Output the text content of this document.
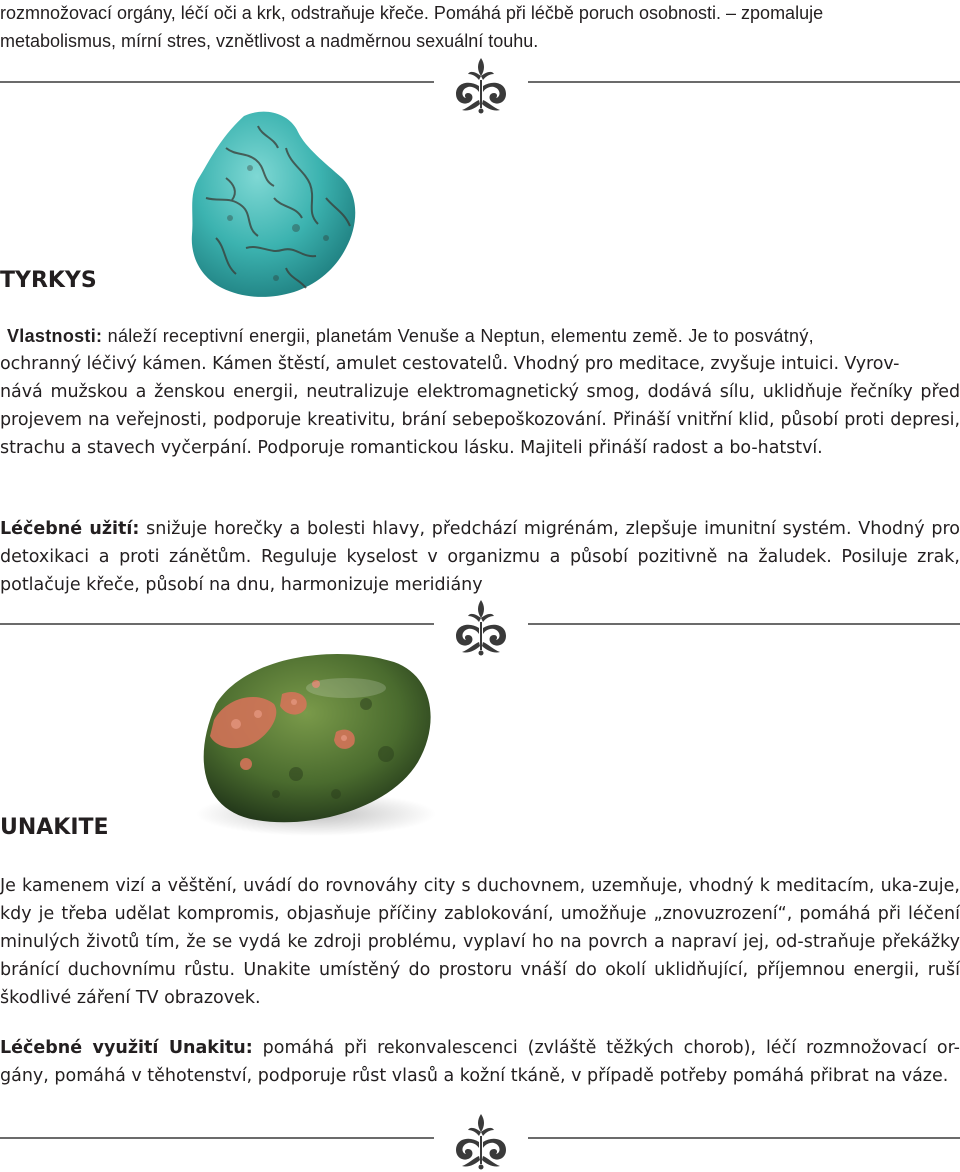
rozmnožovací orgány, léčí oči a krk, odstraňuje křeče. Pomáhá při léčbě poruch osobnosti. – zpomaluje

metabolismus, mírní stres, vznětlivost a nadměrnou sexuální touhu.

TYRKYS
Vlastnosti: náleží receptivní energii, planetám Venuše a Neptun, elementu země. Je to posvátný,
ochranný léčivý kámen. Kámen štěstí, amulet cestovatelů. Vhodný pro meditace, zvyšuje intuici. Vyrov-

nává mužskou a ženskou energii, neutralizuje elektromagnetický smog, dodává sílu, uklidňuje řečníky před projevem na veřejnosti, podporuje kreativitu, brání sebepoškozování. Přináší vnitřní klid, působí proti depresi, strachu a stavech vyčerpání. Podporuje romantickou lásku. Majiteli přináší radost a bo-hatství.

Léčebné užití: snižuje horečky a bolesti hlavy, předchází migrénám, zlepšuje imunitní systém. Vhodný pro detoxikaci a proti zánětům. Reguluje kyselost v organizmu a působí pozitivně na žaludek. Posiluje zrak, potlačuje křeče, působí na dnu, harmonizuje meridiány

UNAKITE

Je kamenem vizí a věštění, uvádí do rovnováhy city s duchovnem, uzemňuje, vhodný k meditacím, uka-zuje, kdy je třeba udělat kompromis, objasňuje příčiny zablokování, umožňuje „znovuzrození“, pomáhá při léčení minulých životů tím, že se vydá ke zdroji problému, vyplaví ho na povrch a napraví jej, od-straňuje překážky bránící duchovnímu růstu. Unakite umístěný do prostoru vnáší do okolí uklidňující, příjemnou energii, ruší škodlivé záření TV obrazovek.

Léčebné využití Unakitu: pomáhá při rekonvalescenci (zvláště těžkých chorob), léčí rozmnožovací or-gány, pomáhá v těhotenství, podporuje růst vlasů a kožní tkáně, v případě potřeby pomáhá přibrat na váze.
